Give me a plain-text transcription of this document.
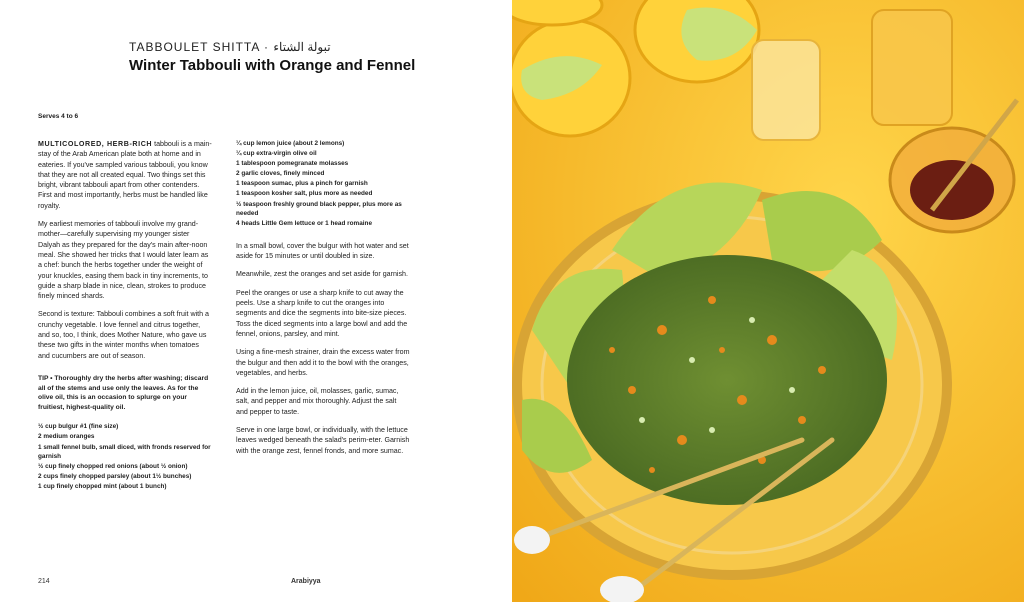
TABBOULET SHITTA · تبولة الشتاء
Winter Tabbouli with Orange and Fennel
Serves 4 to 6

MULTICOLORED, HERB-RICH tabbouli is a main-stay of the Arab American plate both at home and in eateries. If you've sampled various tabbouli, you know that they are not all created equal. Two things set this bright, vibrant tabbouli apart from other contenders. First and most importantly, herbs must be handled like royalty.

My earliest memories of tabbouli involve my grand-mother—carefully supervising my younger sister Dalyah as they prepared for the day's main after-noon meal. She showed her tricks that I would later learn as a chef: bunch the herbs together under the weight of your knuckles, easing them back in tiny increments, to guide a sharp blade in nice, clean, strokes to produce finely minced shards.

Second is texture: Tabbouli combines a soft fruit with a crunchy vegetable. I love fennel and citrus together, and so, too, I think, does Mother Nature, who gave us these two gifts in the winter months when tomatoes and cucumbers are out of season.

TIP • Thoroughly dry the herbs after washing; discard all of the stems and use only the leaves. As for the olive oil, this is an occasion to splurge on your fruitiest, highest-quality oil.

½ cup bulgur #1 (fine size)
2 medium oranges
1 small fennel bulb, small diced, with fronds reserved for garnish
½ cup finely chopped red onions (about ½ onion)
2 cups finely chopped parsley (about 1½ bunches)
1 cup finely chopped mint (about 1 bunch)
¼ cup lemon juice (about 2 lemons)
¼ cup extra-virgin olive oil
1 tablespoon pomegranate molasses
2 garlic cloves, finely minced
1 teaspoon sumac, plus a pinch for garnish
1 teaspoon kosher salt, plus more as needed
½ teaspoon freshly ground black pepper, plus more as needed
4 heads Little Gem lettuce or 1 head romaine

In a small bowl, cover the bulgur with hot water and set aside for 15 minutes or until doubled in size.

Meanwhile, zest the oranges and set aside for garnish.

Peel the oranges or use a sharp knife to cut away the peels. Use a sharp knife to cut the oranges into segments and dice the segments into bite-size pieces. Toss the diced segments into a large bowl and add the fennel, onions, parsley, and mint.

Using a fine-mesh strainer, drain the excess water from the bulgur and then add it to the bowl with the oranges, vegetables, and herbs.

Add in the lemon juice, oil, molasses, garlic, sumac, salt, and pepper and mix thoroughly. Adjust the salt and pepper to taste.

Serve in one large bowl, or individually, with the lettuce leaves wedged beneath the salad's perim-eter. Garnish with the orange zest, fennel fronds, and more sumac.

214	Arabiyya
